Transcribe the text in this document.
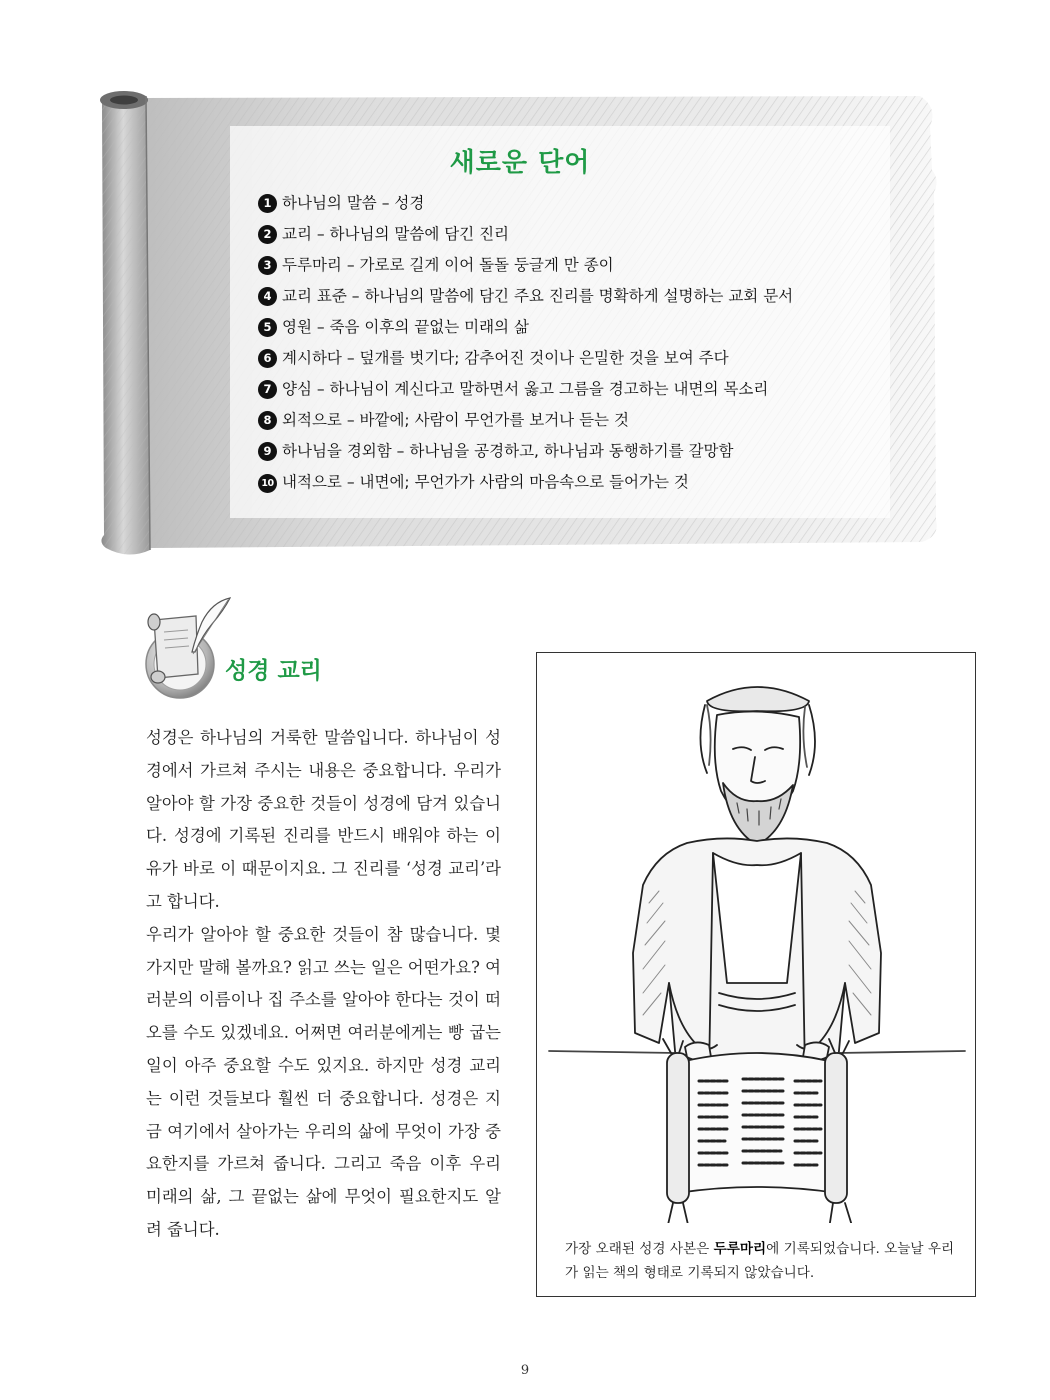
새로운 단어
1 하나님의 말씀 – 성경
2 교리 – 하나님의 말씀에 담긴 진리
3 두루마리 – 가로로 길게 이어 돌돌 둥글게 만 종이
4 교리 표준 – 하나님의 말씀에 담긴 주요 진리를 명확하게 설명하는 교회 문서
5 영원 – 죽음 이후의 끝없는 미래의 삶
6 계시하다 – 덮개를 벗기다; 감추어진 것이나 은밀한 것을 보여 주다
7 양심 – 하나님이 계신다고 말하면서 옳고 그름을 경고하는 내면의 목소리
8 외적으로 – 바깥에; 사람이 무언가를 보거나 듣는 것
9 하나님을 경외함 – 하나님을 공경하고, 하나님과 동행하기를 갈망함
10 내적으로 – 내면에; 무언가가 사람의 마음속으로 들어가는 것
성경 교리

성경은 하나님의 거룩한 말씀입니다. 하나님이 성경에서 가르쳐 주시는 내용은 중요합니다. 우리가 알아야 할 가장 중요한 것들이 성경에 담겨 있습니다. 성경에 기록된 진리를 반드시 배워야 하는 이유가 바로 이 때문이지요. 그 진리를 ‘성경 교리’라고 합니다.

우리가 알아야 할 중요한 것들이 참 많습니다. 몇 가지만 말해 볼까요? 읽고 쓰는 일은 어떤가요? 여러분의 이름이나 집 주소를 알아야 한다는 것이 떠오를 수도 있겠네요. 어쩌면 여러분에게는 빵 굽는 일이 아주 중요할 수도 있지요. 하지만 성경 교리는 이런 것들보다 훨씬 더 중요합니다. 성경은 지금 여기에서 살아가는 우리의 삶에 무엇이 가장 중요한지를 가르쳐 줍니다. 그리고 죽음 이후 우리 미래의 삶, 그 끝없는 삶에 무엇이 필요한지도 알려 줍니다.

가장 오래된 성경 사본은 두루마리에 기록되었습니다. 오늘날 우리가 읽는 책의 형태로 기록되지 않았습니다.

9
